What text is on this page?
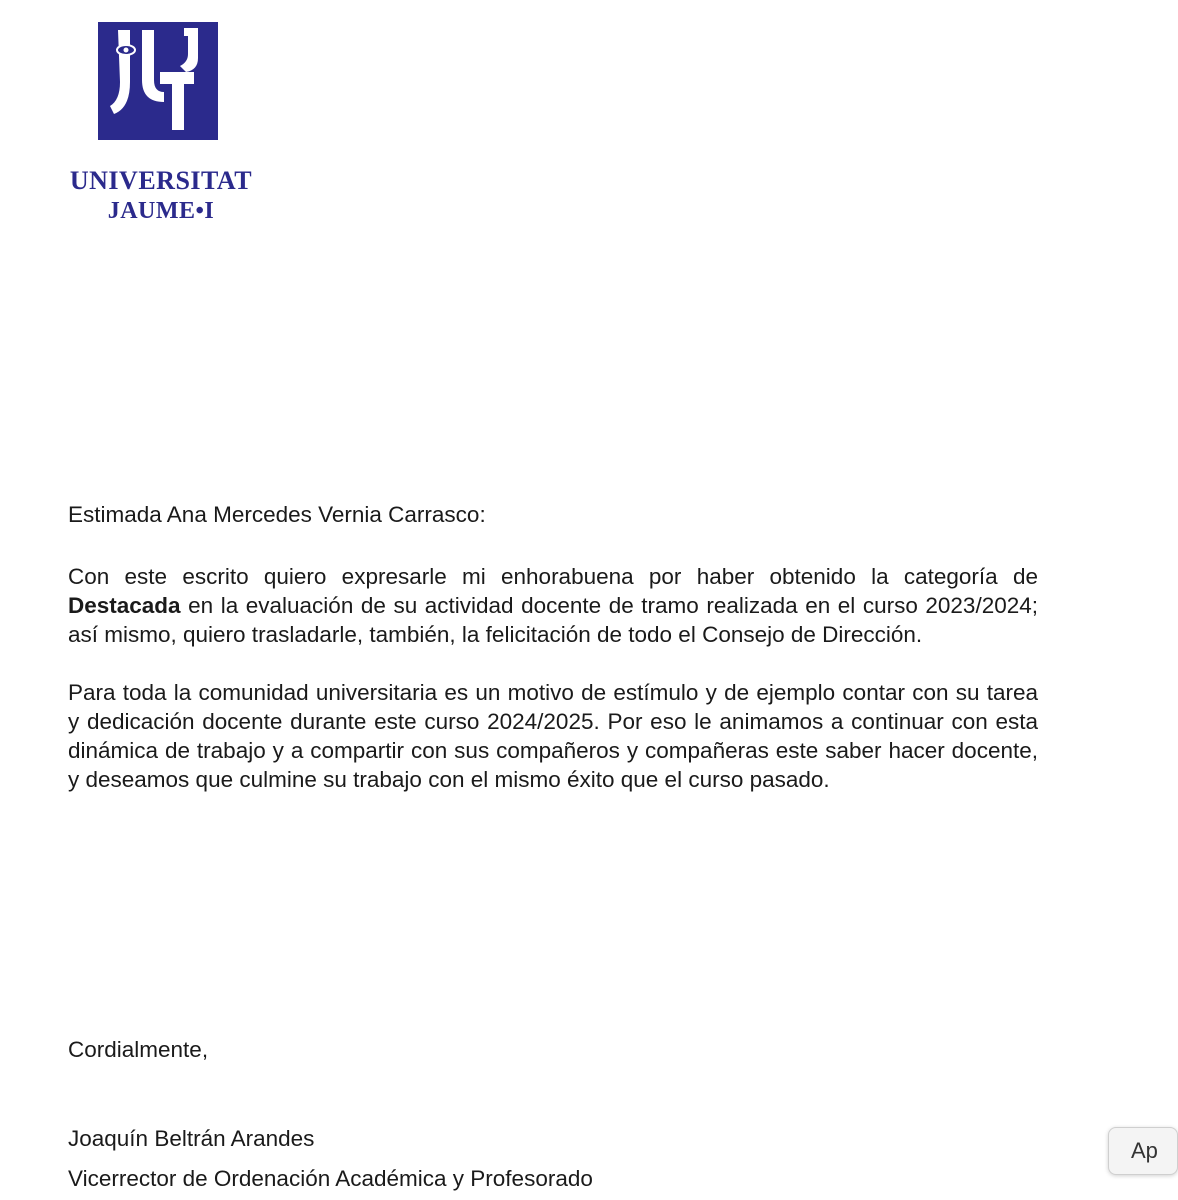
UNIVERSITAT
JAUME•I

Estimada Ana Mercedes Vernia Carrasco:

Con este escrito quiero expresarle mi enhorabuena por haber obtenido la categoría de Destacada en la evaluación de su actividad docente de tramo realizada en el curso 2023/2024; así mismo, quiero trasladarle, también, la felicitación de todo el Consejo de Dirección.

Para toda la comunidad universitaria es un motivo de estímulo y de ejemplo contar con su tarea y dedicación docente durante este curso 2024/2025. Por eso le animamos a continuar con esta dinámica de trabajo y a compartir con sus compañeros y compañeras este saber hacer docente, y deseamos que culmine su trabajo con el mismo éxito que el curso pasado.

Cordialmente,
Joaquín Beltrán Arandes
Vicerrector de Ordenación Académica y Profesorado
Ap
